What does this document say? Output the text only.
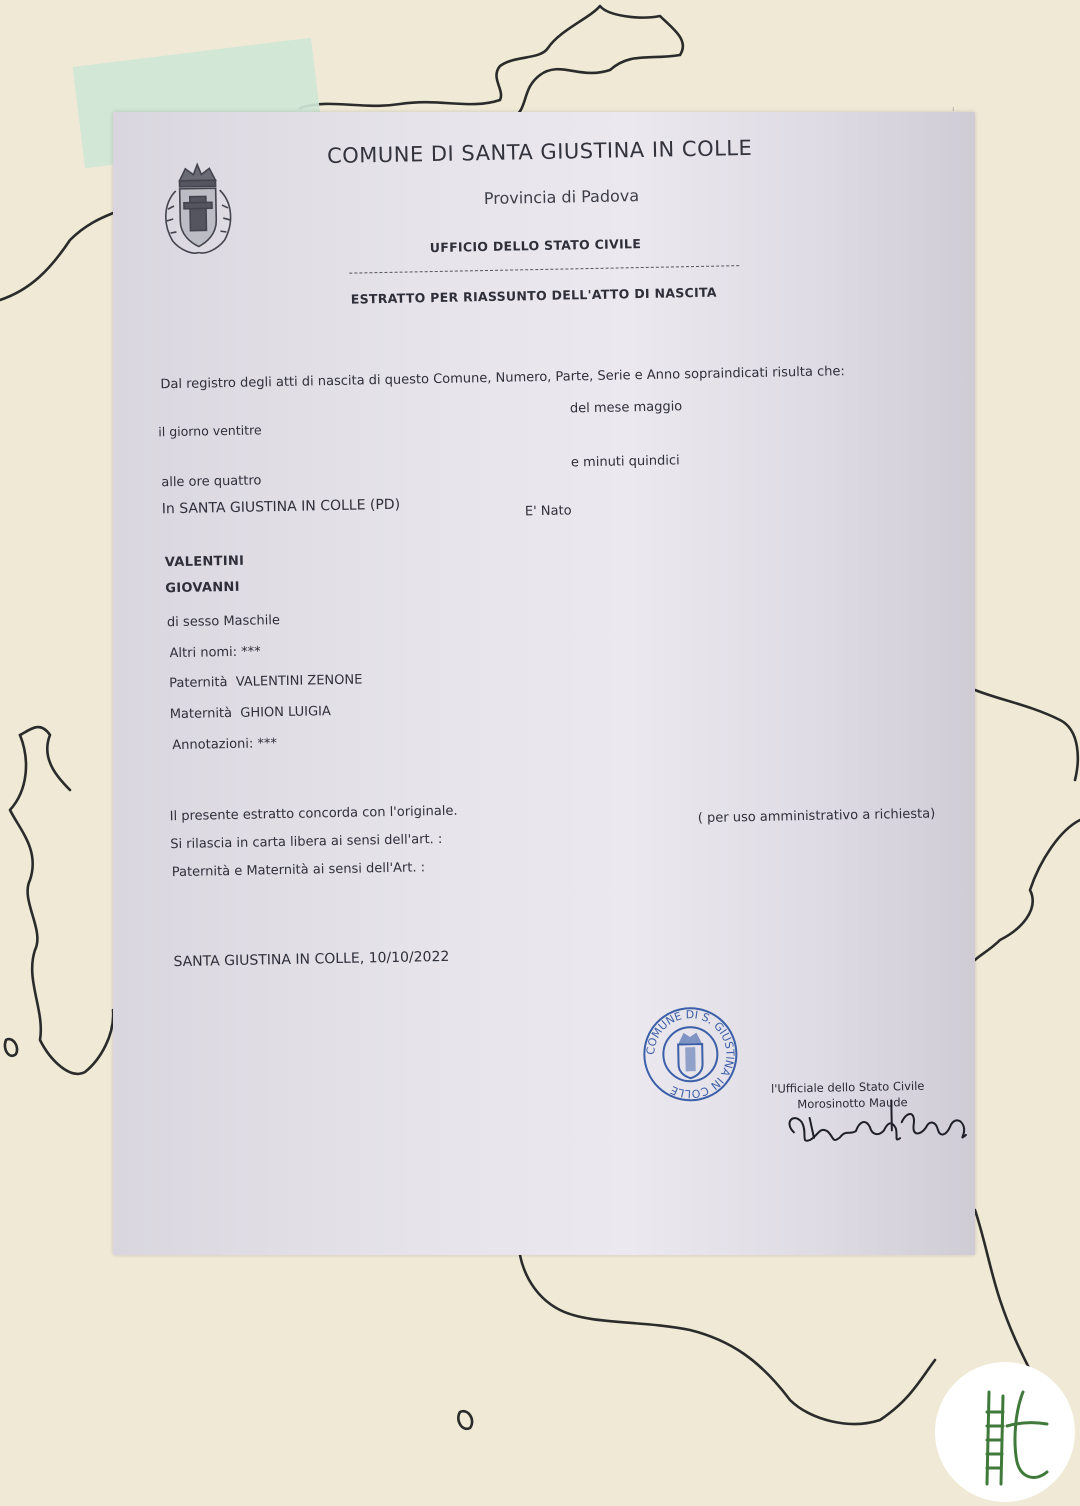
⁞
COMUNE DI SANTA GIUSTINA IN COLLE
Provincia di Padova
UFFICIO DELLO STATO CIVILE
ESTRATTO PER RIASSUNTO DELL'ATTO DI NASCITA
Dal registro degli atti di nascita di questo Comune, Numero, Parte, Serie e Anno sopraindicati risulta che:
il giorno ventitre
del mese maggio
alle ore quattro
e minuti quindici
In SANTA GIUSTINA IN COLLE (PD)	E' Nato
VALENTINI
GIOVANNI
di sesso Maschile
Altri nomi: ***
Paternità  VALENTINI ZENONE
Maternità  GHION LUIGIA
Annotazioni: ***
Il presente estratto concorda con l'originale.
Si rilascia in carta libera ai sensi dell'art. :
( per uso amministrativo a richiesta)
Paternità e Maternità ai sensi dell'Art. :
SANTA GIUSTINA IN COLLE, 10/10/2022
COMUNE DI S. GIUSTINA IN COLLE	l'Ufficiale dello Stato Civile
Morosinotto Maude
